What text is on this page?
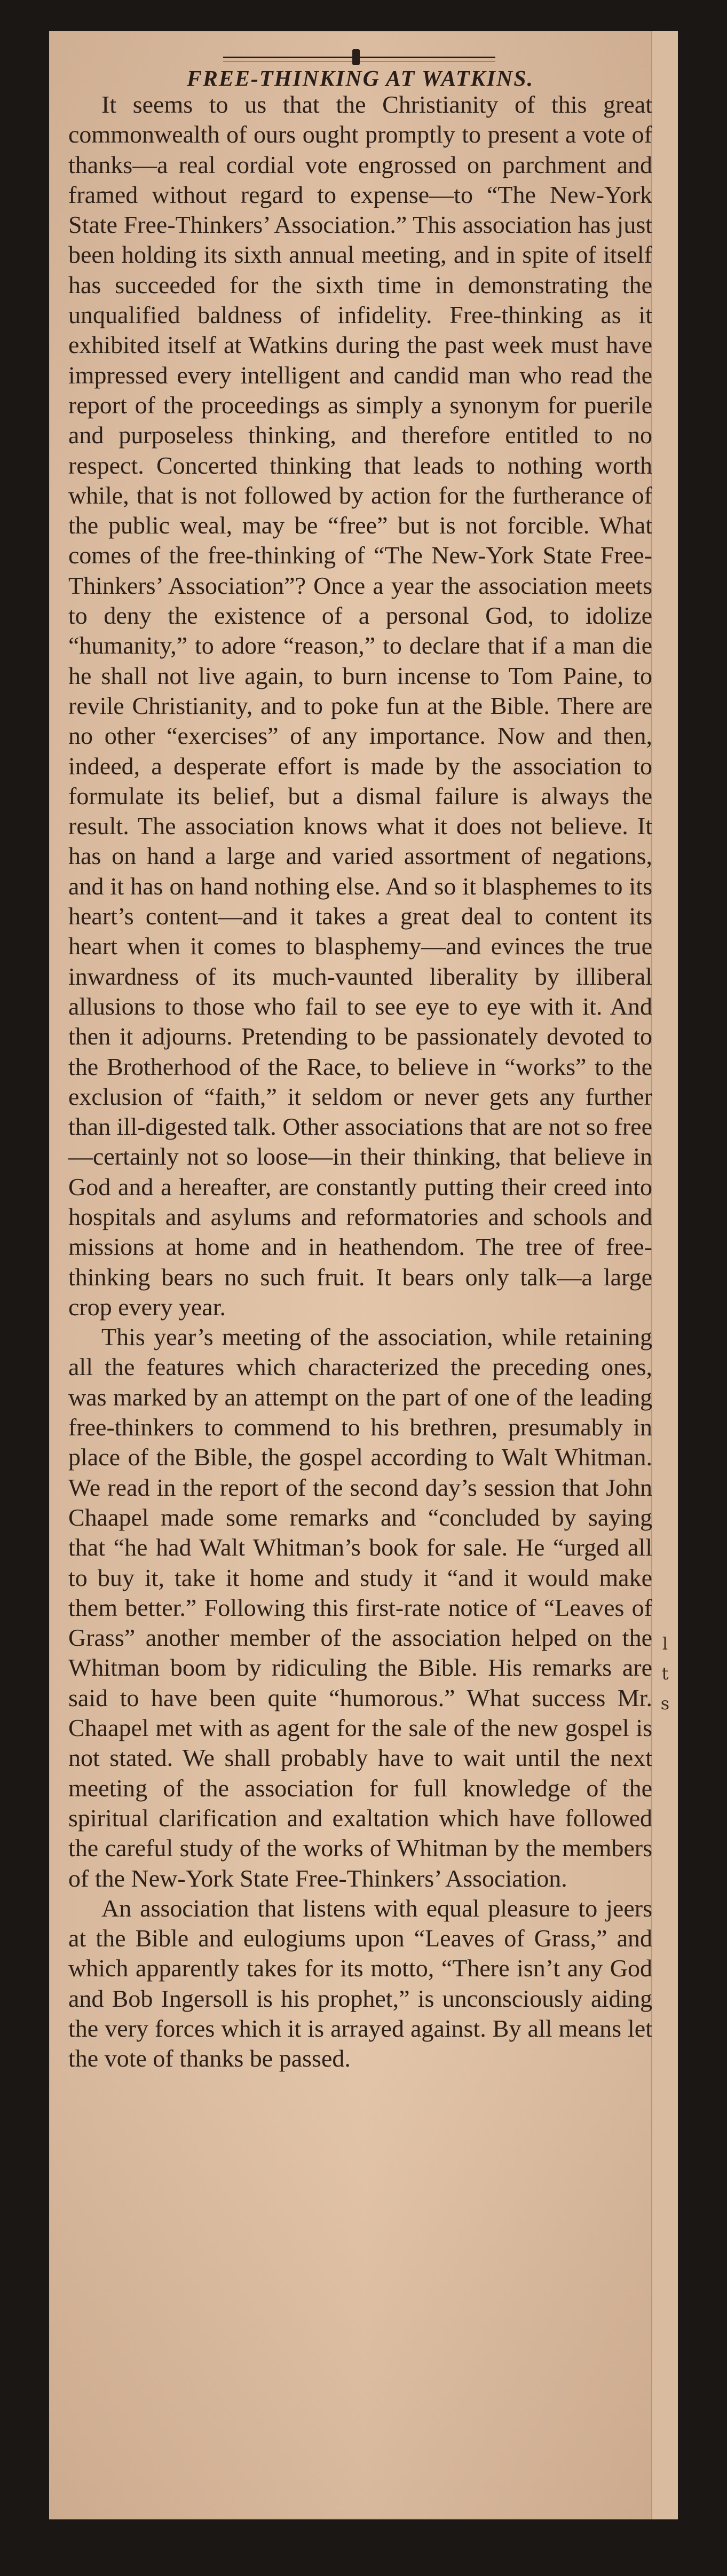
l
t
s
FREE-THINKING AT WATKINS.

It seems to us that the Christianity of this great commonwealth of ours ought promptly to present a vote of thanks—a real cordial vote engrossed on parchment and framed without regard to expense—to “The New-York State Free-Thinkers’ Association.” This association has just been holding its sixth annual meeting, and in spite of itself has succeeded for the sixth time in demonstrating the unqualified baldness of infidelity. Free-thinking as it exhibited itself at Watkins during the past week must have impressed every intelligent and candid man who read the report of the proceedings as simply a synonym for puerile and purposeless thinking, and therefore entitled to no respect. Concerted thinking that leads to nothing worth while, that is not followed by action for the furtherance of the public weal, may be “free” but is not forcible. What comes of the free-thinking of “The New-York State Free-Thinkers’ Association”? Once a year the association meets to deny the existence of a personal God, to idolize “humanity,” to adore “reason,” to declare that if a man die he shall not live again, to burn incense to Tom Paine, to revile Christianity, and to poke fun at the Bible. There are no other “exercises” of any importance. Now and then, indeed, a desperate effort is made by the association to formulate its belief, but a dismal failure is always the result. The association knows what it does not believe. It has on hand a large and varied assortment of negations, and it has on hand nothing else. And so it blasphemes to its heart’s content—and it takes a great deal to content its heart when it comes to blasphemy—and evinces the true inwardness of its much-vaunted liberality by illiberal allusions to those who fail to see eye to eye with it. And then it adjourns. Pretending to be passionately devoted to the Brotherhood of the Race, to believe in “works” to the exclusion of “faith,” it seldom or never gets any further than ill-digested talk. Other associations that are not so free—certainly not so loose—in their thinking, that believe in God and a hereafter, are constantly putting their creed into hospitals and asylums and reformatories and schools and missions at home and in heathendom. The tree of free-thinking bears no such fruit. It bears only talk—a large crop every year.

This year’s meeting of the association, while retaining all the features which characterized the preceding ones, was marked by an attempt on the part of one of the leading free-thinkers to commend to his brethren, presumably in place of the Bible, the gospel according to Walt Whitman. We read in the report of the second day’s session that John Chaapel made some remarks and “concluded by saying that “he had Walt Whitman’s book for sale. He “urged all to buy it, take it home and study it “and it would make them better.” Following this first-rate notice of “Leaves of Grass” another member of the association helped on the Whitman boom by ridiculing the Bible. His remarks are said to have been quite “humorous.” What success Mr. Chaapel met with as agent for the sale of the new gospel is not stated. We shall probably have to wait until the next meeting of the association for full knowledge of the spiritual clarification and exaltation which have followed the careful study of the works of Whitman by the members of the New-York State Free-Thinkers’ Association.

An association that listens with equal pleasure to jeers at the Bible and eulogiums upon “Leaves of Grass,” and which apparently takes for its motto, “There isn’t any God and Bob Ingersoll is his prophet,” is unconsciously aiding the very forces which it is arrayed against. By all means let the vote of thanks be passed.
